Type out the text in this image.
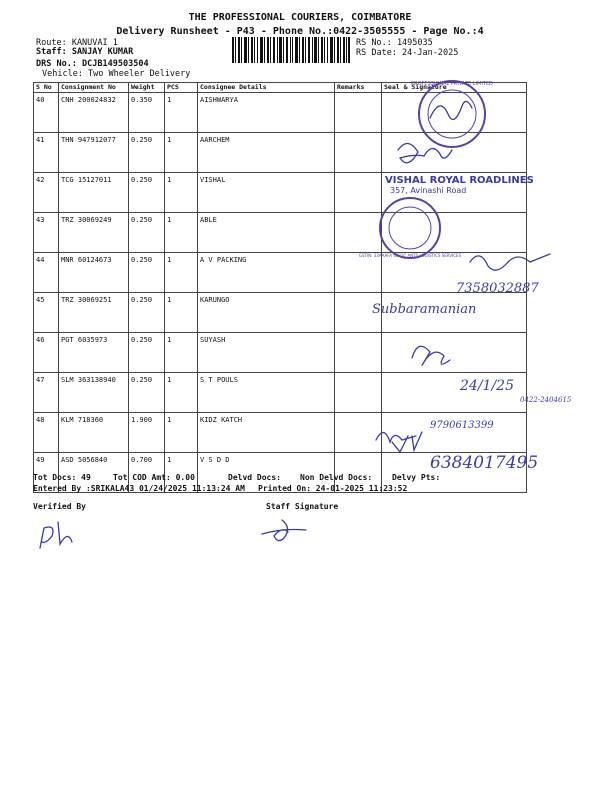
THE PROFESSIONAL COURIERS, COIMBATORE
Delivery Runsheet - P43 - Phone No.:0422-3505555 - Page No.:4
Route: KANUVAI 1
Staff: SANJAY KUMAR
DRS No.: DCJB149503504
Vehicle: Two Wheeler Delivery
RS No.: 1495035
RS Date: 24-Jan-2025
S No	Consignment No	Weight	PCS	Consignee Details	Remarks	Seal & Signature
40	CNH 200024832	0.350	1	AISHWARYA		
41	THN 947912077	0.250	1	AARCHEM		
42	TCG 15127011	0.250	1	VISHAL		
43	TRZ 30069249	0.250	1	ABLE		
44	MNR 60124673	0.250	1	A V PACKING		
45	TRZ 30069251	0.250	1	KARUNGO		
46	PGT 6035973	0.250	1	SUYASH		
47	SLM 363138940	0.250	1	S T POULS		
48	KLM 718360	1.900	1	KIDZ KATCH		
49	ASD 5056840	0.700	1	V S D D		
Tot Docs: 49	Tot COD Amt: 0.00	Delvd Docs: Non Delvd Docs: Delvy Pts:
Entered By :SRIKALA43 01/24/2025 11:13:24 AM Printed On: 24-01-2025 11:23:52
Verified By	Staff Signature
PROFESSIONAL PRIVATE LIMITED
VISHAL ROYAL ROADLINES
357, Avinashi Road
GSTIN: 33AAAFA 4321C ANTS LOGISTICS SERVICES
7358032887
Subbaramanian
24/1/25
0422-2404615
9790613399
6384017495
